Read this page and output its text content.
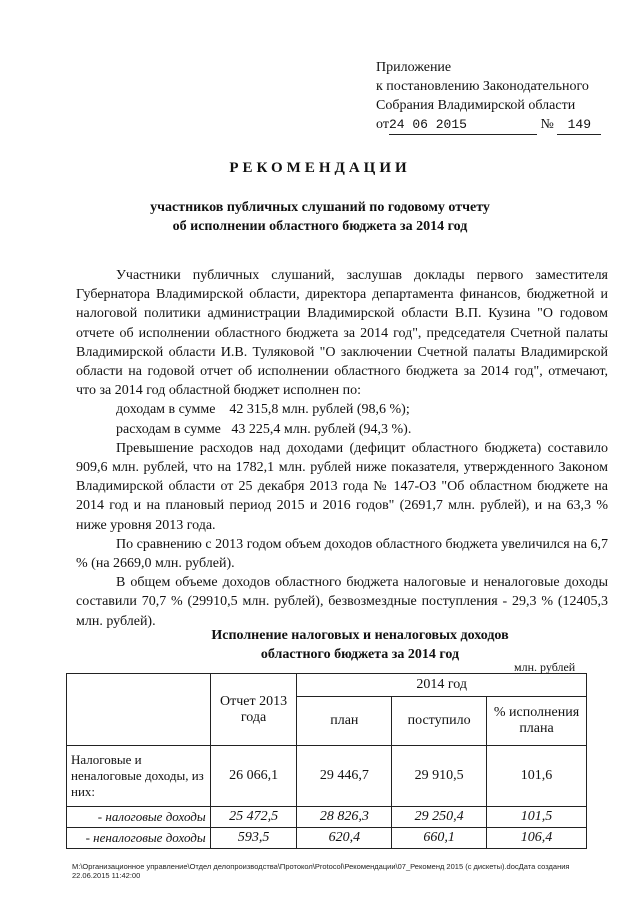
Приложение
к постановлению Законодательного
Собрания Владимирской области
от24 06 2015	№ 149
РЕКОМЕНДАЦИИ
участников публичных слушаний по годовому отчету
об исполнении областного бюджета за 2014 год

Участники публичных слушаний, заслушав доклады первого заместителя Губернатора Владимирской области, директора департамента финансов, бюджетной и налоговой политики администрации Владимирской области В.П. Кузина "О годовом отчете об исполнении областного бюджета за 2014 год", председателя Счетной палаты Владимирской области И.В. Туляковой "О заключении Счетной палаты Владимирской области на годовой отчет об исполнении областного бюджета за 2014 год", отмечают, что за 2014 год областной бюджет исполнен по:

доходам в сумме    42 315,8 млн. рублей (98,6 %);

расходам в сумме   43 225,4 млн. рублей (94,3 %).

Превышение расходов над доходами (дефицит областного бюджета) составило 909,6 млн. рублей, что на 1782,1 млн. рублей ниже показателя, утвержденного Законом Владимирской области от 25 декабря 2013 года № 147-ОЗ "Об областном бюджете на 2014 год и на плановый период 2015 и 2016 годов" (2691,7 млн. рублей), и на 63,3 % ниже уровня 2013 года.

По сравнению с 2013 годом объем доходов областного бюджета увеличился на 6,7 % (на 2669,0 млн. рублей).

В общем объеме доходов областного бюджета налоговые и неналоговые доходы составили 70,7 % (29910,5 млн. рублей), безвозмездные поступления - 29,3 % (12405,3 млн. рублей).

Исполнение налоговых и неналоговых доходов
областного бюджета за 2014 год
млн. рублей
	Отчет 2013 года	2014 год		
		план	поступило	% исполнения плана
Налоговые и неналоговые доходы, из них:	26 066,1	29 446,7	29 910,5	101,6
- налоговые доходы	25 472,5	28 826,3	29 250,4	101,5
- неналоговые доходы	593,5	620,4	660,1	106,4
М:\Организационное управление\Отдел делопроизводства\Протокол\Protocol\Рекомендации\07_Рекоменд 2015 (с дискеты).docДата создания
22.06.2015 11:42:00
